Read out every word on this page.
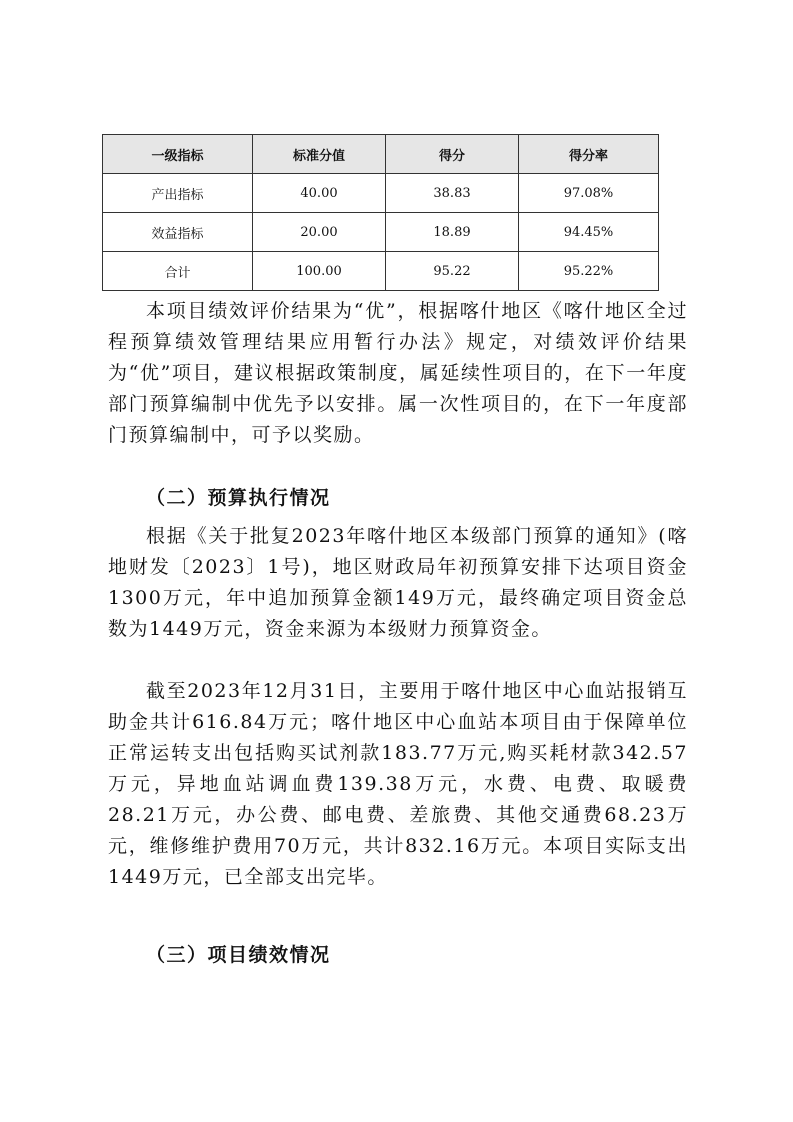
一级指标	标准分值	得分	得分率
产出指标	40.00	38.83	97.08%
效益指标	20.00	18.89	94.45%
合计	100.00	95.22	95.22%

本项目绩效评价结果为“优”，根据喀什地区《喀什地区全过程预算绩效管理结果应用暂行办法》规定，对绩效评价结果为“优”项目，建议根据政策制度，属延续性项目的，在下一年度部门预算编制中优先予以安排。属一次性项目的，在下一年度部门预算编制中，可予以奖励。

（二）预算执行情况

根据《关于批复2023年喀什地区本级部门预算的通知》(喀地财发〔2023〕1号)，地区财政局年初预算安排下达项目资金1300万元，年中追加预算金额149万元，最终确定项目资金总数为1449万元，资金来源为本级财力预算资金。

截至2023年12月31日，主要用于喀什地区中心血站报销互助金共计616.84万元；喀什地区中心血站本项目由于保障单位正常运转支出包括购买试剂款183.77万元,购买耗材款342.57万元，异地血站调血费139.38万元，水费、电费、取暖费28.21万元，办公费、邮电费、差旅费、其他交通费68.23万元，维修维护费用70万元，共计832.16万元。本项目实际支出1449万元，已全部支出完毕。

（三）项目绩效情况
